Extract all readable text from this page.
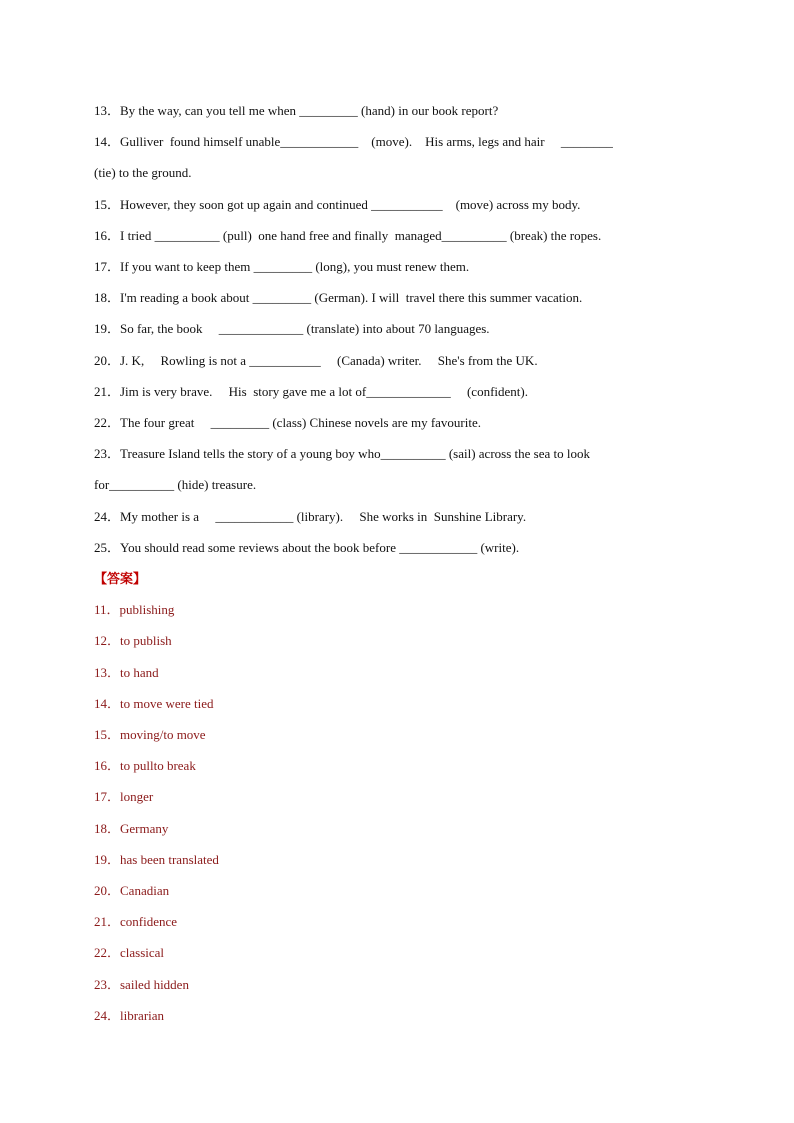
13．By the way, can you tell me when _________ (hand) in our book report?
14．Gulliver  found himself unable____________    (move).    His arms, legs and hair     ________
(tie) to the ground.
15．However, they soon got up again and continued ___________    (move) across my body.
16．I tried __________ (pull)  one hand free and finally  managed__________ (break) the ropes.
17．If you want to keep them _________ (long), you must renew them.
18．I'm reading a book about _________ (German). I will  travel there this summer vacation.
19．So far, the book     _____________ (translate) into about 70 languages.
20．J. K,     Rowling is not a ___________     (Canada) writer.     She's from the UK.
21．Jim is very brave.     His  story gave me a lot of_____________     (confident).
22．The four great     _________ (class) Chinese novels are my favourite.
23．Treasure Island tells the story of a young boy who__________ (sail) across the sea to look
for__________ (hide) treasure.
24．My mother is a     ____________ (library).     She works in  Sunshine Library.
25．You should read some reviews about the book before ____________ (write).
【答案】
11．publishing
12．to publish
13．to hand
14．to move were tied
15．moving/to move
16．to pullto break
17．longer
18．Germany
19．has been translated
20．Canadian
21．confidence
22．classical
23．sailed hidden
24．librarian
